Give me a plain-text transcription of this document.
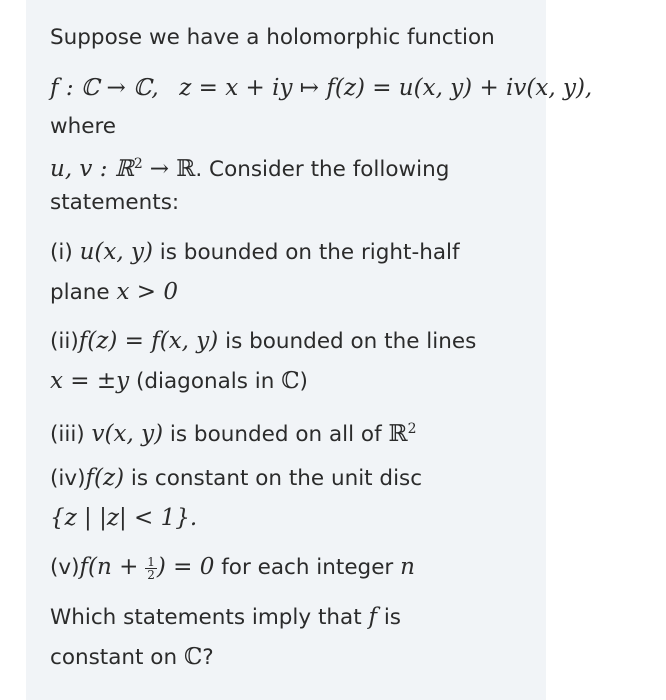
Suppose we have a holomorphic function
f : ℂ → ℂ, z = x + iy ↦ f(z) = u(x, y) + iv(x, y),
where
u, v : ℝ$^2$ → ℝ. Consider the following
statements:
(i) u(x, y) is bounded on the right-half
plane x > 0
(ii)f(z) = f(x, y) is bounded on the lines
x = ±y (diagonals in ℂ)
(iii) v(x, y) is bounded on all of ℝ$^2$
(iv)f(z) is constant on the unit disc
{z | |z| < 1}.
$(v)f(n + \frac{1}{2}$ ) = 0 for each integer n
Which statements imply that f is
constant on ℂ?
